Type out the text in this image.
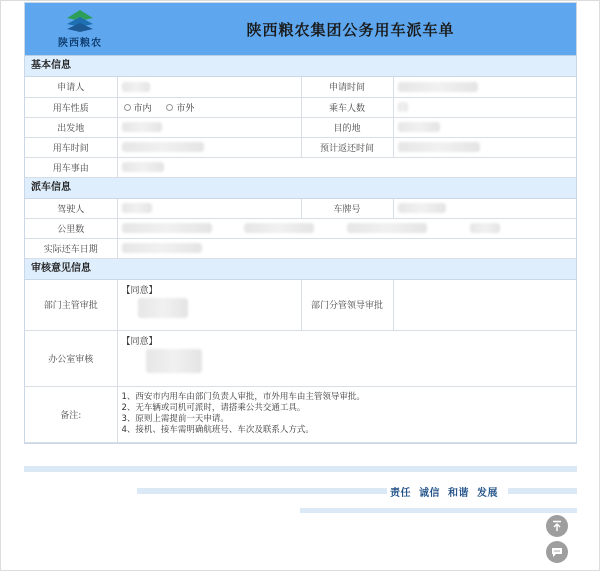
陕西粮农
陕西粮农集团公务用车派车单
基本信息
申请人		申请时间	
用车性质	市内 市外	乘车人数	
出发地		目的地	
用车时间		预计返还时间	
用车事由			
派车信息
驾驶人		车牌号	
公里数			
实际还车日期			
审核意见信息
部门主管审批	【同意】	部门分管领导审批	
办公室审核	【同意】		

备注:	1、西安市内用车由部门负责人审批，市外用车由主管领导审批。
2、无车辆或司机可派时，请搭乘公共交通工具。
3、原则上需提前一天申请。
4、接机、接车需明确航班号、车次及联系人方式。		
责任 诚信 和谐 发展
